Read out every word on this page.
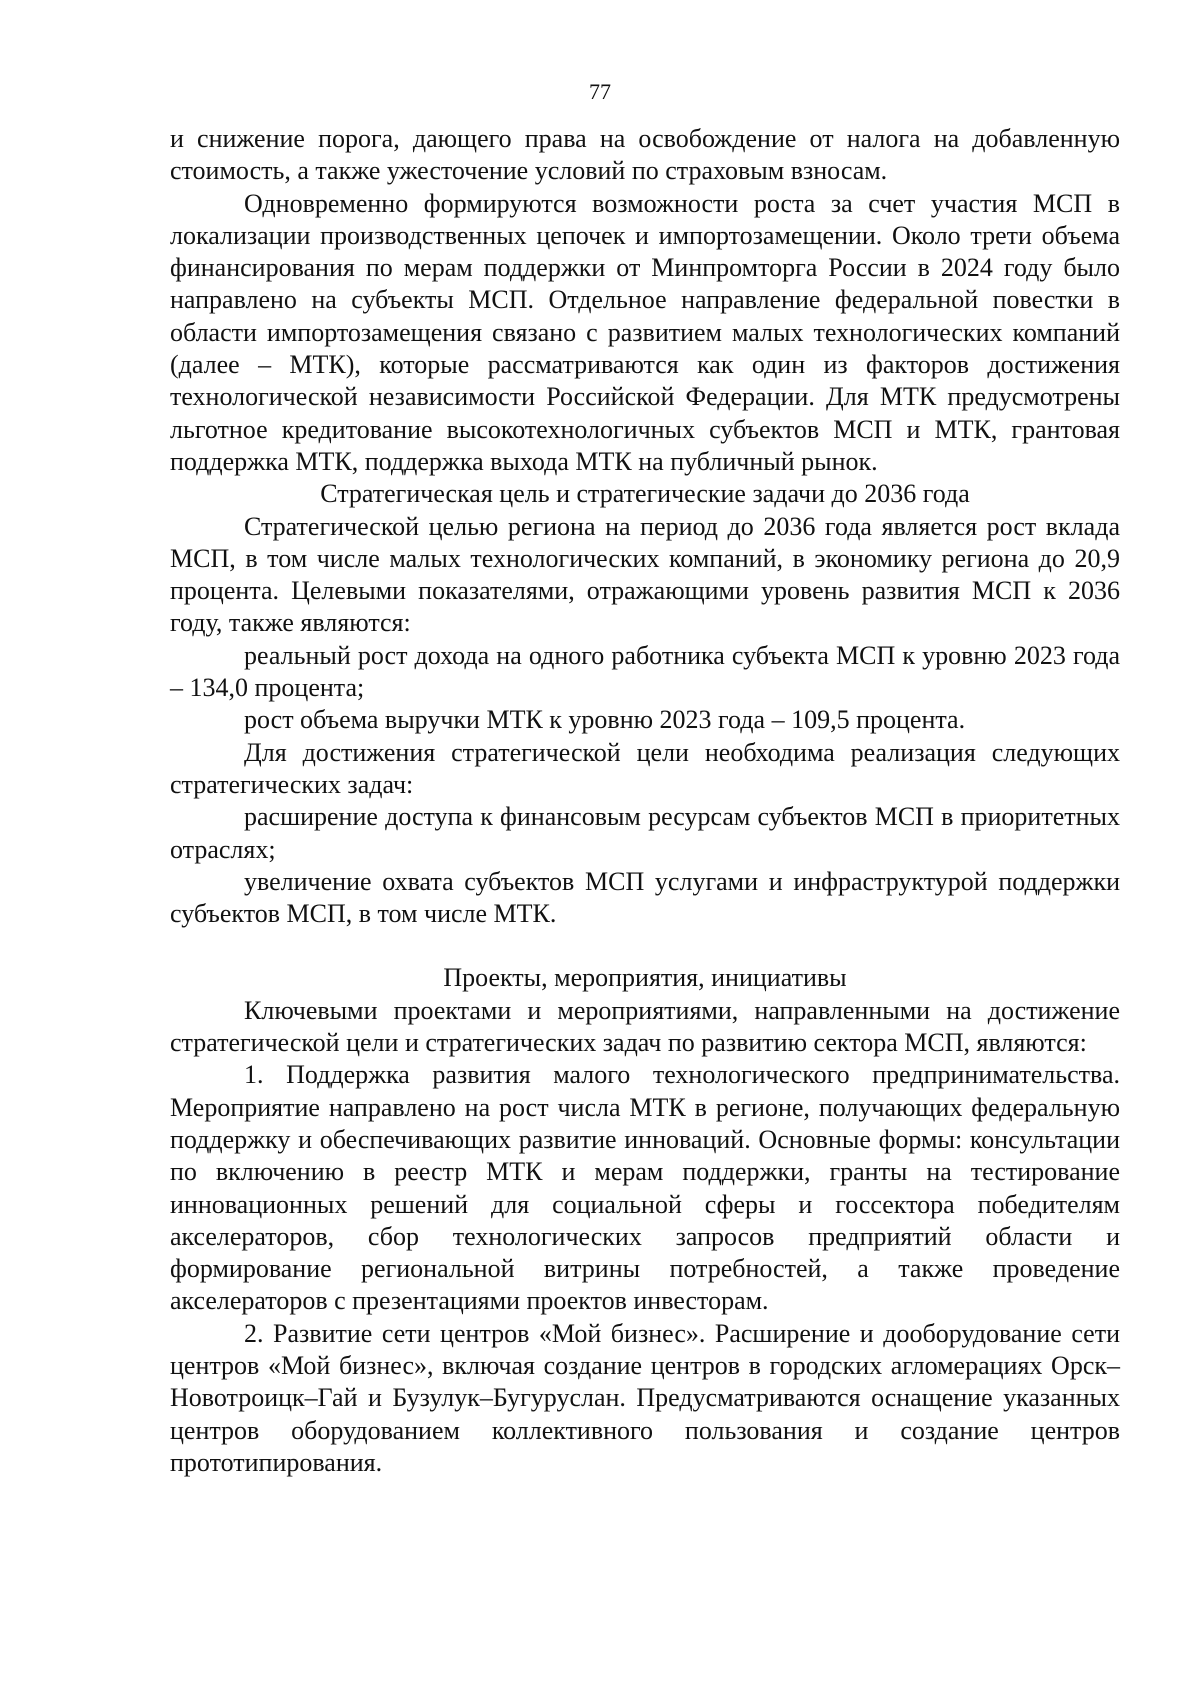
77

и снижение порога, дающего права на освобождение от налога на добавленную стоимость, а также ужесточение условий по страховым взносам.

Одновременно формируются возможности роста за счет участия МСП в локализации производственных цепочек и импортозамещении. Около трети объема финансирования по мерам поддержки от Минпромторга России в 2024 году было направлено на субъекты МСП. Отдельное направление федеральной повестки в области импортозамещения связано с развитием малых технологических компаний (далее – МТК), которые рассматриваются как один из факторов достижения технологической независимости Российской Федерации. Для МТК предусмотрены льготное кредитование высокотехнологичных субъектов МСП и МТК, грантовая поддержка МТК, поддержка выхода МТК на публичный рынок.

Стратегическая цель и стратегические задачи до 2036 года

Стратегической целью региона на период до 2036 года является рост вклада МСП, в том числе малых технологических компаний, в экономику региона до 20,9 процента. Целевыми показателями, отражающими уровень развития МСП к 2036 году, также являются:

реальный рост дохода на одного работника субъекта МСП к уровню 2023 года – 134,0 процента;

рост объема выручки МТК к уровню 2023 года – 109,5 процента.

Для достижения стратегической цели необходима реализация следующих стратегических задач:

расширение доступа к финансовым ресурсам субъектов МСП в приоритетных отраслях;

увеличение охвата субъектов МСП услугами и инфраструктурой поддержки субъектов МСП, в том числе МТК.

Проекты, мероприятия, инициативы

Ключевыми проектами и мероприятиями, направленными на достижение стратегической цели и стратегических задач по развитию сектора МСП, являются:

1. Поддержка развития малого технологического предпринимательства. Мероприятие направлено на рост числа МТК в регионе, получающих федеральную поддержку и обеспечивающих развитие инноваций. Основные формы: консультации по включению в реестр МТК и мерам поддержки, гранты на тестирование инновационных решений для социальной сферы и госсектора победителям акселераторов, сбор технологических запросов предприятий области и формирование региональной витрины потребностей, а также проведение акселераторов с презентациями проектов инвесторам.

2. Развитие сети центров «Мой бизнес». Расширение и дооборудование сети центров «Мой бизнес», включая создание центров в городских агломерациях Орск–Новотроицк–Гай и Бузулук–Бугуруслан. Предусматриваются оснащение указанных центров оборудованием коллективного пользования и создание центров прототипирования.
